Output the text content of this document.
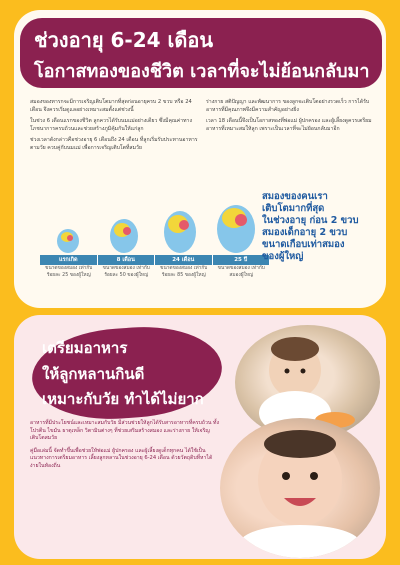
ช่วงอายุ 6-24 เดือน
โอกาสทองของชีวิต เวลาที่จะไม่ย้อนกลับมา

สมองของทารกจะมีการเจริญเติบโตมากที่สุดก่อนอายุครบ 2 ขวบ หรือ 24 เดือน จึงควรเริ่มดูแลอย่างเหมาะสมตั้งแต่ช่วงนี้

ในช่วง 6 เดือนแรกของชีวิต ลูกควรได้รับนมแม่อย่างเดียว ซึ่งมีคุณค่าทางโภชนาการครบถ้วนและช่วยสร้างภูมิคุ้มกันให้แก่ลูก

ช่วงเวลาดังกล่าวคือช่วงอายุ 6 เดือนถึง 24 เดือน ที่ลูกเริ่มรับประทานอาหารตามวัย ควบคู่กับนมแม่ เพื่อการเจริญเติบโตที่สมวัย

ร่างกาย สติปัญญา และพัฒนาการ ของลูกจะเติบโตอย่างรวดเร็ว การได้รับอาหารที่มีคุณภาพจึงมีความสำคัญอย่างยิ่ง

เวลา 18 เดือนนี้จึงเป็นโอกาสทองที่พ่อแม่ ผู้ปกครอง และผู้เลี้ยงดูควรเตรียมอาหารที่เหมาะสมให้ลูก เพราะเป็นเวลาที่จะไม่ย้อนกลับมาอีก

แรกเกิด	8 เดือน	24 เดือน	25 ปี
ขนาดของสมอง เท่ากับร้อยละ 25 ของผู้ใหญ่
ขนาดของสมอง เท่ากับร้อยละ 50 ของผู้ใหญ่
ขนาดของสมอง เท่ากับร้อยละ 85 ของผู้ใหญ่
ขนาดของสมอง เท่ากับสมองผู้ใหญ่
สมองของคนเรา
เติบโตมากที่สุด
ในช่วงอายุ ก่อน 2 ขวบ
สมองเด็กอายุ 2 ขวบ
ขนาดเกือบเท่าสมอง
ของผู้ใหญ่
เตรียมอาหาร
ให้ลูกหลานกินดี
เหมาะกับวัย ทำได้ไม่ยาก

อาหารที่มีประโยชน์และเหมาะสมกับวัย มีส่วนช่วยให้ลูกได้รับสารอาหารที่ครบถ้วน ทั้งโปรตีน ไขมัน ธาตุเหล็ก วิตามินต่างๆ ที่ช่วยเสริมสร้างสมอง และร่างกาย ให้เจริญเติบโตสมวัย

คู่มือเล่มนี้ จัดทำขึ้นเพื่อช่วยให้พ่อแม่ ผู้ปกครอง และผู้เลี้ยงดูเด็กทุกคน ได้ใช้เป็นแนวทางการเตรียมอาหาร เลี้ยงลูกหลานในช่วงอายุ 6-24 เดือน ด้วยวัตถุดิบที่หาได้ง่ายในท้องถิ่น
